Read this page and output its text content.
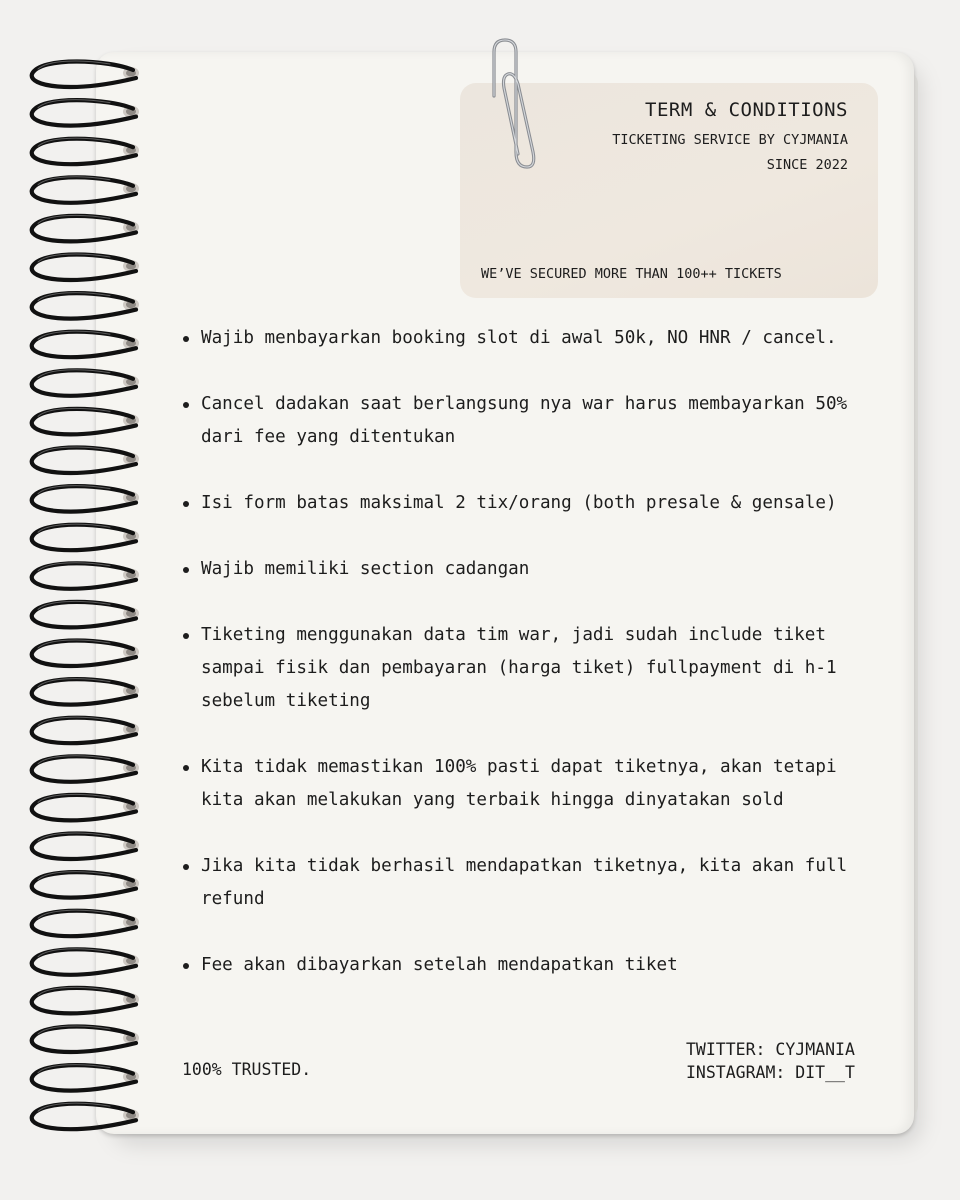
TERM & CONDITIONS
TICKETING SERVICE BY CYJMANIA
SINCE 2022
WE’VE SECURED MORE THAN 100++ TICKETS
Wajib menbayarkan booking slot di awal 50k, NO HNR / cancel.
Cancel dadakan saat berlangsung nya war harus membayarkan 50% dari fee yang ditentukan
Isi form batas maksimal 2 tix/orang (both presale & gensale)
Wajib memiliki section cadangan
Tiketing menggunakan data tim war, jadi sudah include tiket sampai fisik dan pembayaran (harga tiket) fullpayment di h-1 sebelum tiketing
Kita tidak memastikan 100% pasti dapat tiketnya, akan tetapi kita akan melakukan yang terbaik hingga dinyatakan sold
Jika kita tidak berhasil mendapatkan tiketnya, kita akan full refund
Fee akan dibayarkan setelah mendapatkan tiket
100% TRUSTED.
TWITTER: CYJMANIA
INSTAGRAM: DIT__T
